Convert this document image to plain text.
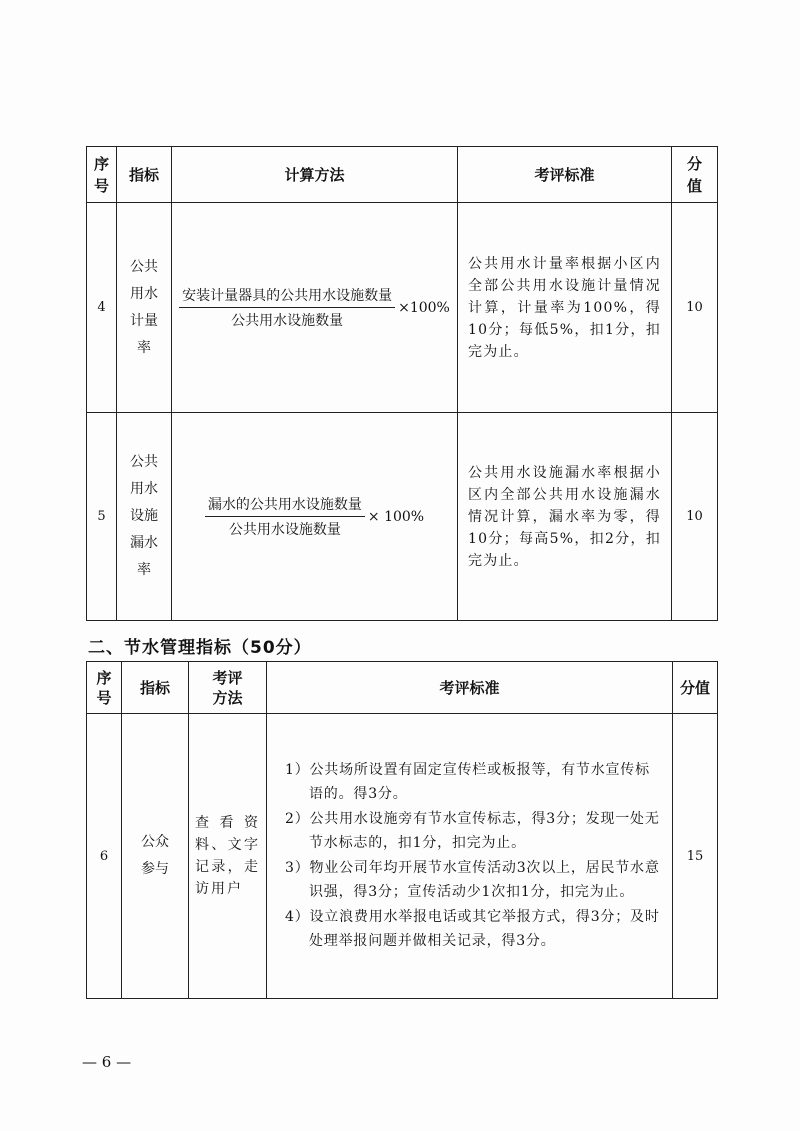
序号	指标	计算方法	考评标准	分值

4	公共用水计量率	安装计量器具的公共用水设施数量
公共用水设施数量
×100%	公共用水计量率根据小区内全部公共用水设施计量情况计算，计量率为100%，得10分；每低5%，扣1分，扣完为止。	10
5	公共用水设施漏水率	漏水的公共用水设施数量
公共用水设施数量
× 100%	公共用水设施漏水率根据小区内全部公共用水设施漏水情况计算，漏水率为零，得10分；每高5%，扣2分，扣完为止。	10
二、节水管理指标（50分）
序号	指标	考评方法	考评标准	分值
6	公众参与	查看资料、文字记录，走访用户	1）公共场所设置有固定宣传栏或板报等，有节水宣传标语的。得3分。
2）公共用水设施旁有节水宣传标志，得3分；发现一处无节水标志的，扣1分，扣完为止。
3）物业公司年均开展节水宣传活动3次以上，居民节水意识强，得3分；宣传活动少1次扣1分，扣完为止。
4）设立浪费用水举报电话或其它举报方式，得3分；及时处理举报问题并做相关记录，得3分。	15
— 6 —
